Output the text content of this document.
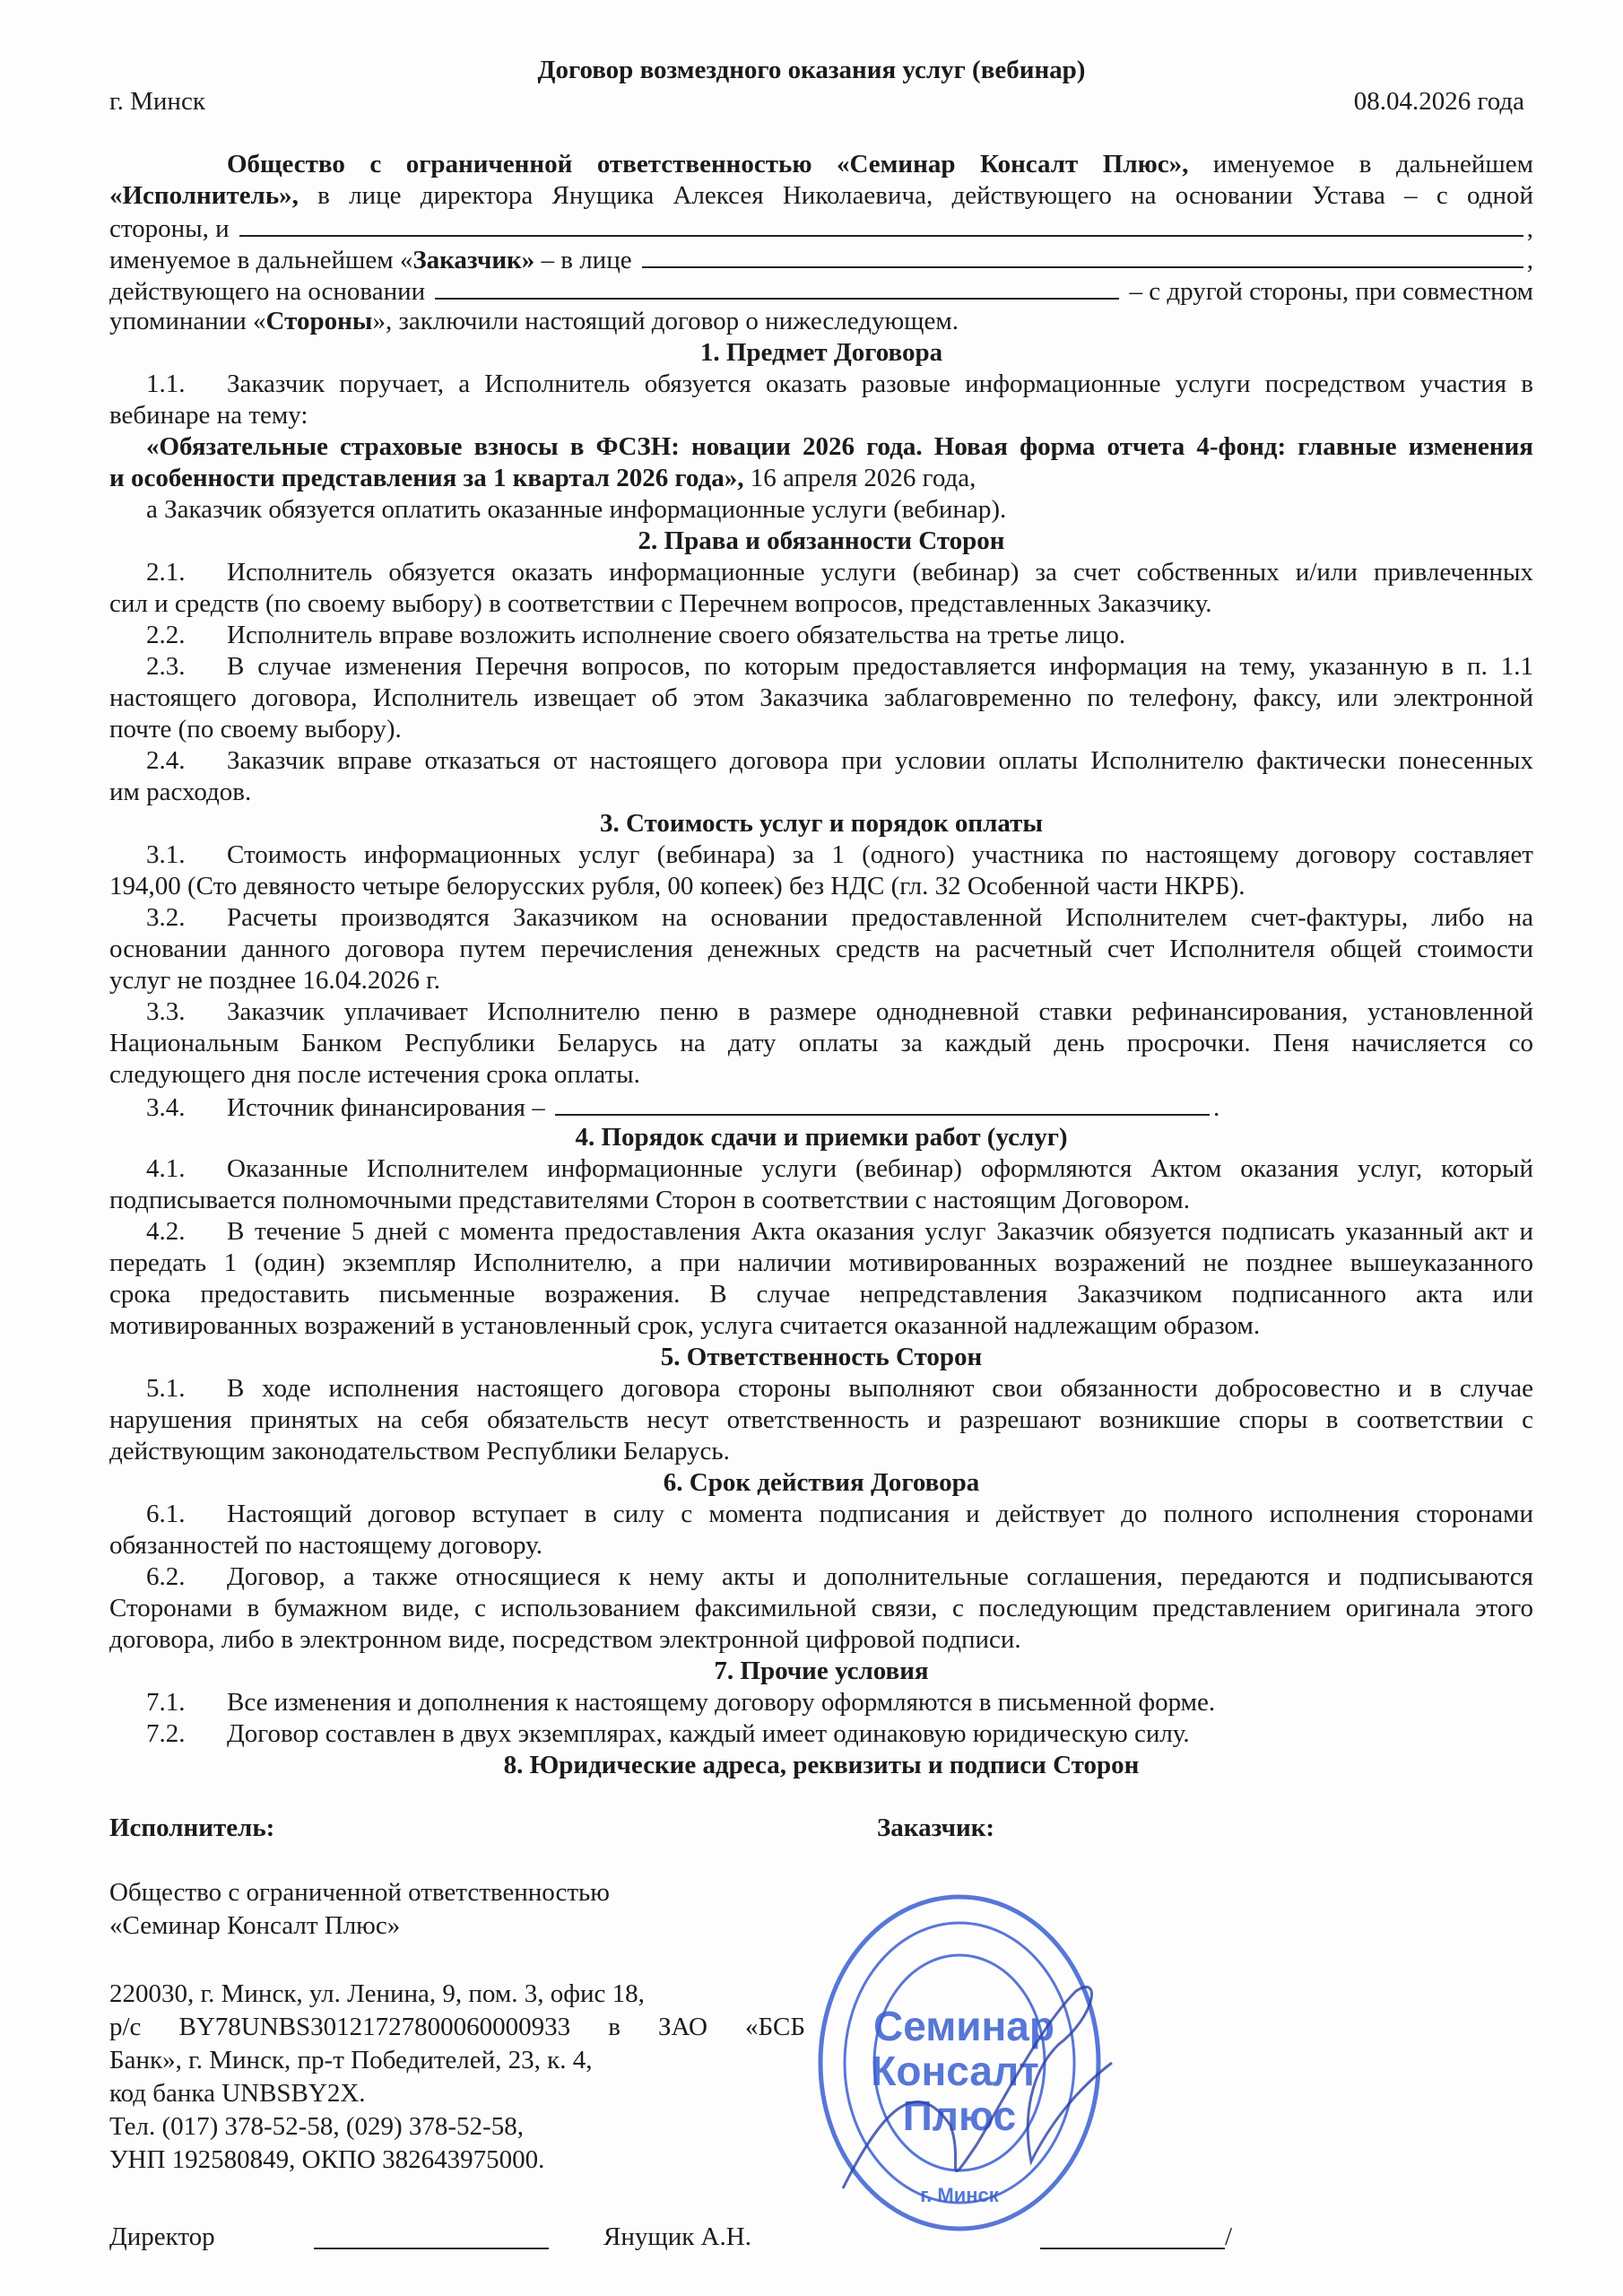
Договор возмездного оказания услуг (вебинар)
г. Минск	08.04.2026 года
Общество с ограниченной ответственностью «Семинар Консалт Плюс», именуемое в дальнейшем
«Исполнитель», в лице директора Янущика Алексея Николаевича, действующего на основании Устава – с одной
стороны, и	,
именуемое в дальнейшем « Заказчик» – в лице	,
действующего на основании	– с другой стороны, при совместном
упоминании «Стороны», заключили настоящий договор о нижеследующем.
1. Предмет Договора
1.1. Заказчик поручает, а Исполнитель обязуется оказать разовые информационные услуги посредством участия в
вебинаре на тему:
«Обязательные страховые взносы в ФСЗН: новации 2026 года. Новая форма отчета 4-фонд: главные изменения
и особенности представления за 1 квартал 2026 года», 16 апреля 2026 года,
а Заказчик обязуется оплатить оказанные информационные услуги (вебинар).
2. Права и обязанности Сторон
2.1. Исполнитель обязуется оказать информационные услуги (вебинар) за счет собственных и/или привлеченных
сил и средств (по своему выбору) в соответствии с Перечнем вопросов, представленных Заказчику.
2.2. Исполнитель вправе возложить исполнение своего обязательства на третье лицо.
2.3. В случае изменения Перечня вопросов, по которым предоставляется информация на тему, указанную в п. 1.1
настоящего договора, Исполнитель извещает об этом Заказчика заблаговременно по телефону, факсу, или электронной
почте (по своему выбору).
2.4. Заказчик вправе отказаться от настоящего договора при условии оплаты Исполнителю фактически понесенных
им расходов.
3. Стоимость услуг и порядок оплаты
3.1. Стоимость информационных услуг (вебинара) за 1 (одного) участника по настоящему договору составляет
194,00 (Сто девяносто четыре белорусских рубля, 00 копеек) без НДС (гл. 32 Особенной части НКРБ).
3.2. Расчеты производятся Заказчиком на основании предоставленной Исполнителем счет-фактуры, либо на
основании данного договора путем перечисления денежных средств на расчетный счет Исполнителя общей стоимости
услуг не позднее 16.04.2026 г.
3.3. Заказчик уплачивает Исполнителю пеню в размере однодневной ставки рефинансирования, установленной
Национальным Банком Республики Беларусь на дату оплаты за каждый день просрочки. Пеня начисляется со
следующего дня после истечения срока оплаты.
3.4.	Источник финансирования –	.
4. Порядок сдачи и приемки работ (услуг)
4.1. Оказанные Исполнителем информационные услуги (вебинар) оформляются Актом оказания услуг, который
подписывается полномочными представителями Сторон в соответствии с настоящим Договором.
4.2. В течение 5 дней с момента предоставления Акта оказания услуг Заказчик обязуется подписать указанный акт и
передать 1 (один) экземпляр Исполнителю, а при наличии мотивированных возражений не позднее вышеуказанного
срока предоставить письменные возражения. В случае непредставления Заказчиком подписанного акта или
мотивированных возражений в установленный срок, услуга считается оказанной надлежащим образом.
5. Ответственность Сторон
5.1. В ходе исполнения настоящего договора стороны выполняют свои обязанности добросовестно и в случае
нарушения принятых на себя обязательств несут ответственность и разрешают возникшие споры в соответствии с
действующим законодательством Республики Беларусь.
6. Срок действия Договора
6.1. Настоящий договор вступает в силу с момента подписания и действует до полного исполнения сторонами
обязанностей по настоящему договору.
6.2. Договор, а также относящиеся к нему акты и дополнительные соглашения, передаются и подписываются
Сторонами в бумажном виде, с использованием факсимильной связи, с последующим представлением оригинала этого
договора, либо в электронном виде, посредством электронной цифровой подписи.
7. Прочие условия
7.1. Все изменения и дополнения к настоящему договору оформляются в письменной форме.
7.2. Договор составлен в двух экземплярах, каждый имеет одинаковую юридическую силу.
8. Юридические адреса, реквизиты и подписи Сторон
Исполнитель:	Заказчик:
Общество с ограниченной ответственностью
«Семинар Консалт Плюс»
220030, г. Минск, ул. Ленина, 9, пом. 3, офис 18,
р/с BY78UNBS30121727800060000933 в ЗАО «БСБ
Банк», г. Минск, пр-т Победителей, 23, к. 4,
код банка UNBSBY2X.
Тел. (017) 378-52-58, (029) 378-52-58,
УНП 192580849, ОКПО 382643975000.
Директор	Янущик А.Н.	/
Семинар
Консалт
Плюс
г. Минск
